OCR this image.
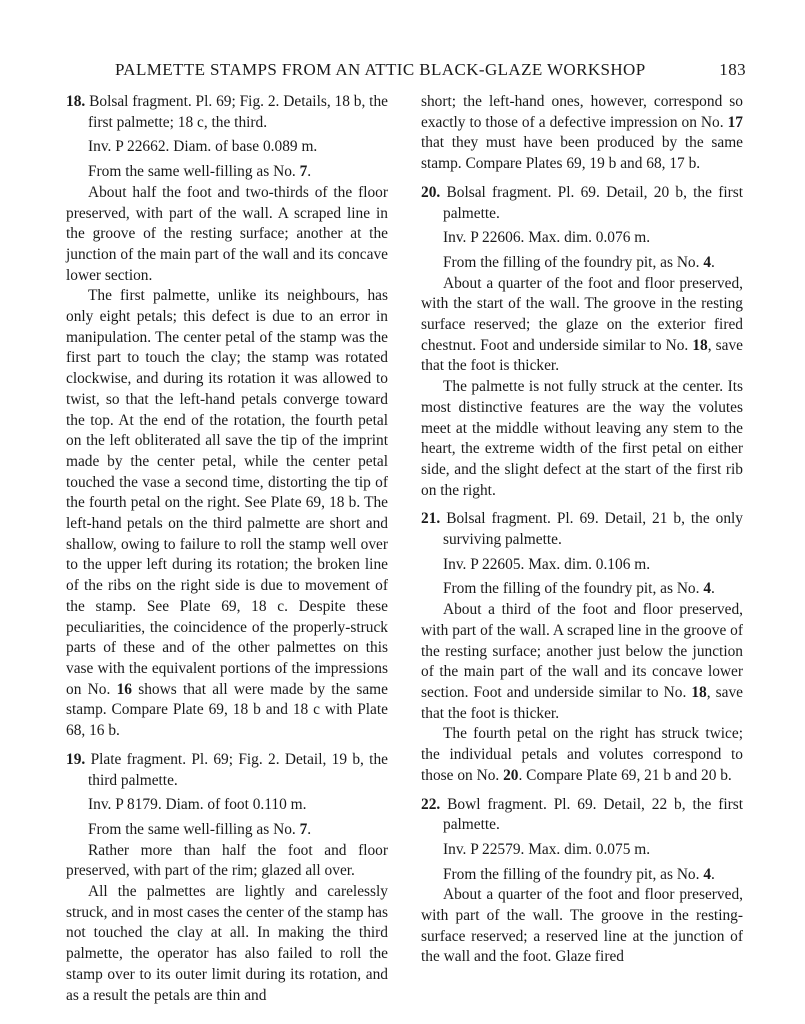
PALMETTE STAMPS FROM AN ATTIC BLACK-GLAZE WORKSHOP	183

18. Bolsal fragment. Pl. 69; Fig. 2. Details, 18 b, the first palmette; 18 c, the third.

Inv. P 22662. Diam. of base 0.089 m.

From the same well-filling as No. 7.

About half the foot and two-thirds of the floor preserved, with part of the wall. A scraped line in the groove of the resting surface; another at the junction of the main part of the wall and its concave lower section.

The first palmette, unlike its neighbours, has only eight petals; this defect is due to an error in manipulation. The center petal of the stamp was the first part to touch the clay; the stamp was rotated clockwise, and during its rotation it was allowed to twist, so that the left-hand petals converge toward the top. At the end of the rotation, the fourth petal on the left obliterated all save the tip of the imprint made by the center petal, while the center petal touched the vase a second time, distorting the tip of the fourth petal on the right. See Plate 69, 18 b. The left-hand petals on the third palmette are short and shallow, owing to failure to roll the stamp well over to the upper left during its rotation; the broken line of the ribs on the right side is due to movement of the stamp. See Plate 69, 18 c. Despite these peculiarities, the coincidence of the properly-struck parts of these and of the other palmettes on this vase with the equivalent portions of the impressions on No. 16 shows that all were made by the same stamp. Compare Plate 69, 18 b and 18 c with Plate 68, 16 b.

19. Plate fragment. Pl. 69; Fig. 2. Detail, 19 b, the third palmette.

Inv. P 8179. Diam. of foot 0.110 m.

From the same well-filling as No. 7.

Rather more than half the foot and floor preserved, with part of the rim; glazed all over.

All the palmettes are lightly and carelessly struck, and in most cases the center of the stamp has not touched the clay at all. In making the third palmette, the operator has also failed to roll the stamp over to its outer limit during its rotation, and as a result the petals are thin and

short; the left-hand ones, however, correspond so exactly to those of a defective impression on No. 17 that they must have been produced by the same stamp. Compare Plates 69, 19 b and 68, 17 b.

20. Bolsal fragment. Pl. 69. Detail, 20 b, the first palmette.

Inv. P 22606. Max. dim. 0.076 m.

From the filling of the foundry pit, as No. 4.

About a quarter of the foot and floor preserved, with the start of the wall. The groove in the resting surface reserved; the glaze on the exterior fired chestnut. Foot and underside similar to No. 18, save that the foot is thicker.

The palmette is not fully struck at the center. Its most distinctive features are the way the volutes meet at the middle without leaving any stem to the heart, the extreme width of the first petal on either side, and the slight defect at the start of the first rib on the right.

21. Bolsal fragment. Pl. 69. Detail, 21 b, the only surviving palmette.

Inv. P 22605. Max. dim. 0.106 m.

From the filling of the foundry pit, as No. 4.

About a third of the foot and floor preserved, with part of the wall. A scraped line in the groove of the resting surface; another just below the junction of the main part of the wall and its concave lower section. Foot and underside similar to No. 18, save that the foot is thicker.

The fourth petal on the right has struck twice; the individual petals and volutes correspond to those on No. 20. Compare Plate 69, 21 b and 20 b.

22. Bowl fragment. Pl. 69. Detail, 22 b, the first palmette.

Inv. P 22579. Max. dim. 0.075 m.

From the filling of the foundry pit, as No. 4.

About a quarter of the foot and floor preserved, with part of the wall. The groove in the resting-surface reserved; a reserved line at the junction of the wall and the foot. Glaze fired
